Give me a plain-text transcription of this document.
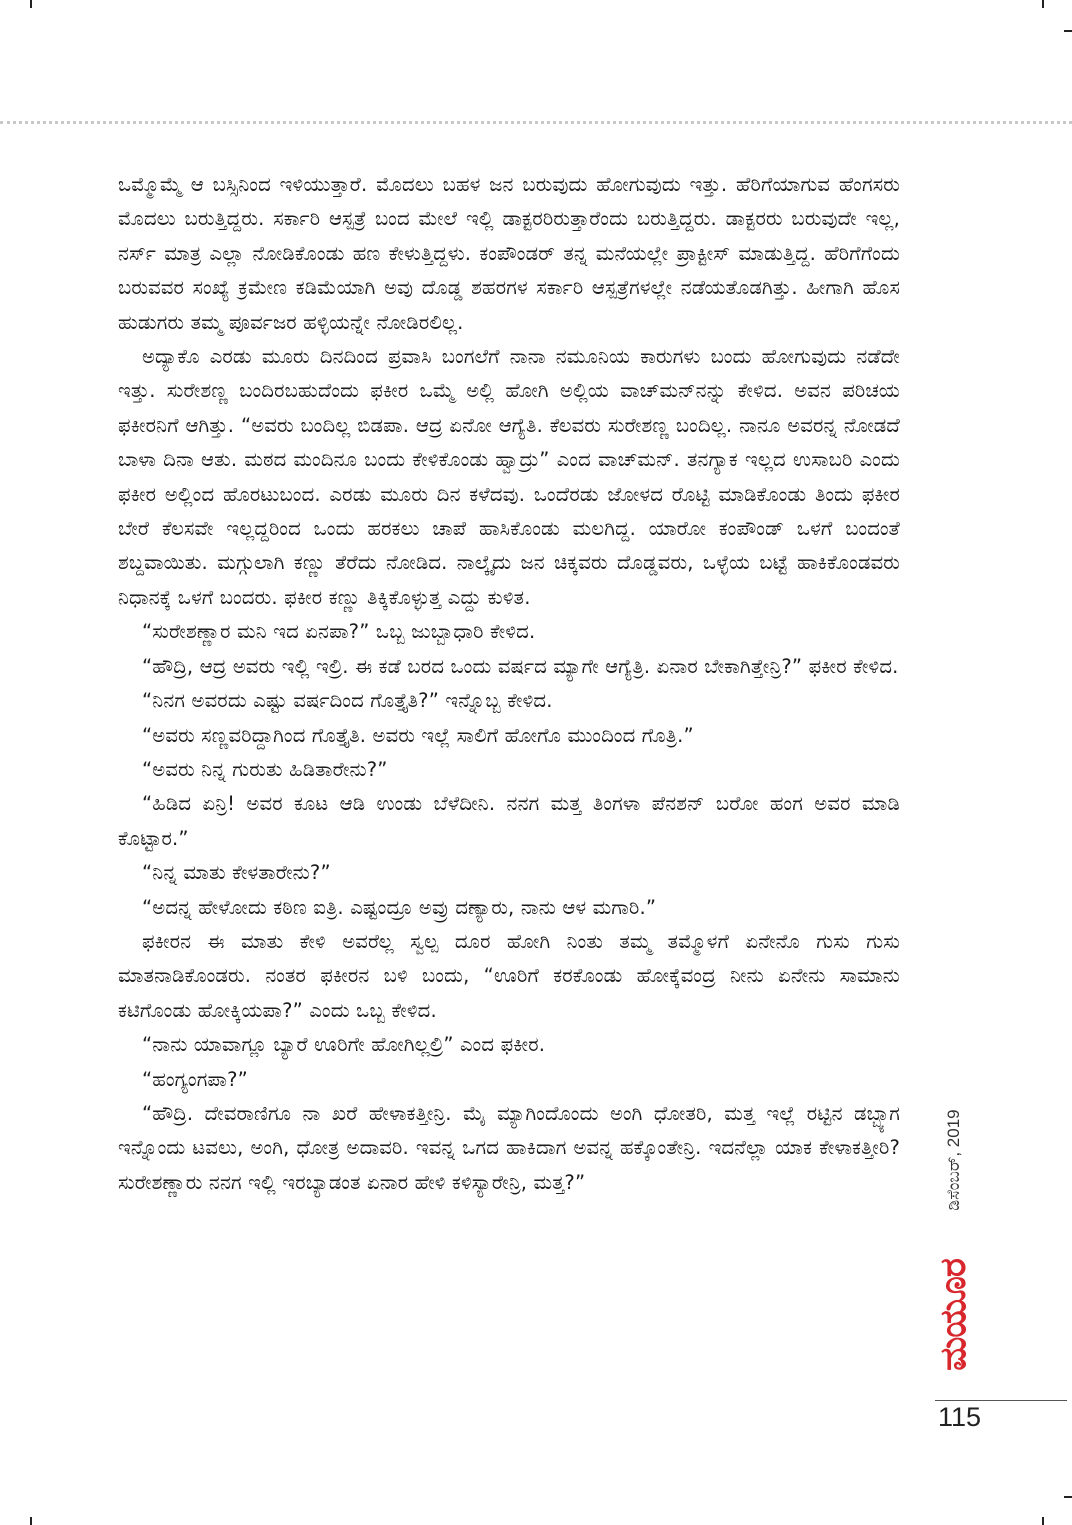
ಒಮ್ಮೊಮ್ಮೆ ಆ ಬಸ್ಸಿನಿಂದ ಇಳಿಯುತ್ತಾರೆ. ಮೊದಲು ಬಹಳ ಜನ ಬರುವುದು ಹೋಗುವುದು ಇತ್ತು. ಹೆರಿಗೆಯಾಗುವ ಹೆಂಗಸರು ಮೊದಲು ಬರುತ್ತಿದ್ದರು. ಸರ್ಕಾರಿ ಆಸ್ಪತ್ರೆ ಬಂದ ಮೇಲೆ ಇಲ್ಲಿ ಡಾಕ್ಟರರಿರುತ್ತಾರೆಂದು ಬರುತ್ತಿದ್ದರು. ಡಾಕ್ಟರರು ಬರುವುದೇ ಇಲ್ಲ, ನರ್ಸ್ ಮಾತ್ರ ಎಲ್ಲಾ ನೋಡಿಕೊಂಡು ಹಣ ಕೇಳುತ್ತಿದ್ದಳು. ಕಂಪೌಂಡರ್ ತನ್ನ ಮನೆಯಲ್ಲೇ ಪ್ರಾಕ್ಟೀಸ್ ಮಾಡುತ್ತಿದ್ದ. ಹೆರಿಗೆಗೆಂದು ಬರುವವರ ಸಂಖ್ಯೆ ಕ್ರಮೇಣ ಕಡಿಮೆಯಾಗಿ ಅವು ದೊಡ್ಡ ಶಹರಗಳ ಸರ್ಕಾರಿ ಆಸ್ಪತ್ರೆಗಳಲ್ಲೇ ನಡೆಯತೊಡಗಿತ್ತು. ಹೀಗಾಗಿ ಹೊಸ ಹುಡುಗರು ತಮ್ಮ ಪೂರ್ವಜರ ಹಳ್ಳಿಯನ್ನೇ ನೋಡಿರಲಿಲ್ಲ.

ಅದ್ಯಾಕೊ ಎರಡು ಮೂರು ದಿನದಿಂದ ಪ್ರವಾಸಿ ಬಂಗಲೆಗೆ ನಾನಾ ನಮೂನಿಯ ಕಾರುಗಳು ಬಂದು ಹೋಗುವುದು ನಡೆದೇ ಇತ್ತು. ಸುರೇಶಣ್ಣ ಬಂದಿರಬಹುದೆಂದು ಫಕೀರ ಒಮ್ಮೆ ಅಲ್ಲಿ ಹೋಗಿ ಅಲ್ಲಿಯ ವಾಚ್‌ಮನ್‌ನನ್ನು ಕೇಳಿದ. ಅವನ ಪರಿಚಯ ಫಕೀರನಿಗೆ ಆಗಿತ್ತು. “ಅವರು ಬಂದಿಲ್ಲ ಬಿಡಪಾ. ಆದ್ರ ಏನೋ ಆಗ್ಯೆತಿ. ಕೆಲವರು ಸುರೇಶಣ್ಣ ಬಂದಿಲ್ಲ. ನಾನೂ ಅವರನ್ನ ನೋಡದೆ ಬಾಳಾ ದಿನಾ ಆತು. ಮಠದ ಮಂದಿನೂ ಬಂದು ಕೇಳಿಕೊಂಡು ಹ್ವಾದ್ರು” ಎಂದ ವಾಚ್‌ಮನ್. ತನಗ್ಯಾಕ ಇಲ್ಲದ ಉಸಾಬರಿ ಎಂದು ಫಕೀರ ಅಲ್ಲಿಂದ ಹೊರಟುಬಂದ. ಎರಡು ಮೂರು ದಿನ ಕಳೆದವು. ಒಂದೆರಡು ಜೋಳದ ರೊಟ್ಟಿ ಮಾಡಿಕೊಂಡು ತಿಂದು ಫಕೀರ ಬೇರೆ ಕೆಲಸವೇ ಇಲ್ಲದ್ದರಿಂದ ಒಂದು ಹರಕಲು ಚಾಪೆ ಹಾಸಿಕೊಂಡು ಮಲಗಿದ್ದ. ಯಾರೋ ಕಂಪೌಂಡ್ ಒಳಗೆ ಬಂದಂತೆ ಶಬ್ದವಾಯಿತು. ಮಗ್ಗುಲಾಗಿ ಕಣ್ಣು ತೆರೆದು ನೋಡಿದ. ನಾಲ್ಕೈದು ಜನ ಚಿಕ್ಕವರು ದೊಡ್ಡವರು, ಒಳ್ಳೆಯ ಬಟ್ಟೆ ಹಾಕಿಕೊಂಡವರು ನಿಧಾನಕ್ಕೆ ಒಳಗೆ ಬಂದರು. ಫಕೀರ ಕಣ್ಣು ತಿಕ್ಕಿಕೊಳ್ಳುತ್ತ ಎದ್ದು ಕುಳಿತ.

“ಸುರೇಶಣ್ಣಾರ ಮನಿ ಇದ ಏನಪಾ?” ಒಬ್ಬ ಜುಬ್ಬಾಧಾರಿ ಕೇಳಿದ.

“ಹೌದ್ರಿ, ಆದ್ರ ಅವರು ಇಲ್ಲಿ ಇಲ್ರಿ. ಈ ಕಡೆ ಬರದ ಒಂದು ವರ್ಷದ ಮ್ಯಾಗೇ ಆಗ್ಯೆತ್ರಿ. ಏನಾರ ಬೇಕಾಗಿತ್ತೇನ್ರಿ?” ಫಕೀರ ಕೇಳಿದ.

“ನಿನಗ ಅವರದು ಎಷ್ಟು ವರ್ಷದಿಂದ ಗೊತ್ತೈತಿ?” ಇನ್ನೊಬ್ಬ ಕೇಳಿದ.

“ಅವರು ಸಣ್ಣವರಿದ್ದಾಗಿಂದ ಗೊತ್ತೈತಿ. ಅವರು ಇಲ್ಲೆ ಸಾಲಿಗೆ ಹೋಗೊ ಮುಂದಿಂದ ಗೊತ್ರಿ.”

“ಅವರು ನಿನ್ನ ಗುರುತು ಹಿಡಿತಾರೇನು?”

“ಹಿಡಿದ ಏನ್ರಿ! ಅವರ ಕೂಟ ಆಡಿ ಉಂಡು ಬೆಳೆದೀನಿ. ನನಗ ಮತ್ತ ತಿಂಗಳಾ ಪೆನಶನ್ ಬರೋ ಹಂಗ ಅವರ ಮಾಡಿ ಕೊಟ್ಟಾರ.”

“ನಿನ್ನ ಮಾತು ಕೇಳತಾರೇನು?”

“ಅದನ್ನ ಹೇಳೋದು ಕಠಿಣ ಐತ್ರಿ. ಎಷ್ಟಂದ್ರೂ ಅವ್ರು ದಣ್ಯಾರು, ನಾನು ಆಳ ಮಗಾರಿ.”

ಫಕೀರನ ಈ ಮಾತು ಕೇಳಿ ಅವರೆಲ್ಲ ಸ್ವಲ್ಪ ದೂರ ಹೋಗಿ ನಿಂತು ತಮ್ಮ ತಮ್ಮೊಳಗೆ ಏನೇನೊ ಗುಸು ಗುಸು ಮಾತನಾಡಿಕೊಂಡರು. ನಂತರ ಫಕೀರನ ಬಳಿ ಬಂದು, “ಊರಿಗೆ ಕರಕೊಂಡು ಹೋಕ್ಕೆವಂದ್ರ ನೀನು ಏನೇನು ಸಾಮಾನು ಕಟಿಗೊಂಡು ಹೋಕ್ಕಿಯಪಾ?” ಎಂದು ಒಬ್ಬ ಕೇಳಿದ.

“ನಾನು ಯಾವಾಗ್ಲೂ ಬ್ಯಾರೆ ಊರಿಗೇ ಹೋಗಿಲ್ಲಲ್ರಿ” ಎಂದ ಫಕೀರ.

“ಹಂಗ್ಯಂಗಪಾ?”

“ಹೌದ್ರಿ. ದೇವರಾಣಿಗೂ ನಾ ಖರೆ ಹೇಳಾಕತ್ತೀನ್ರಿ. ಮೈ ಮ್ಯಾಗಿಂದೊಂದು ಅಂಗಿ ಧೋತರಿ, ಮತ್ತ ಇಲ್ಲೆ ರಟ್ಟಿನ ಡಬ್ಬ್ಯಾಗ ಇನ್ನೊಂದು ಟವಲು, ಅಂಗಿ, ಧೋತ್ರ ಅದಾವರಿ. ಇವನ್ನ ಒಗದ ಹಾಕಿದಾಗ ಅವನ್ನ ಹಕ್ಕೊಂತೇನ್ರಿ. ಇದನೆಲ್ಲಾ ಯಾಕ ಕೇಳಾಕತ್ತೀರಿ? ಸುರೇಶಣ್ಣಾರು ನನಗ ಇಲ್ಲಿ ಇರಬ್ಯಾಡಂತ ಏನಾರ ಹೇಳಿ ಕಳಿಸ್ಯಾರೇನ್ರಿ, ಮತ್ತ?”	ಡಿಸೆಂಬರ್, 2019
ಮಯೂರ
115
